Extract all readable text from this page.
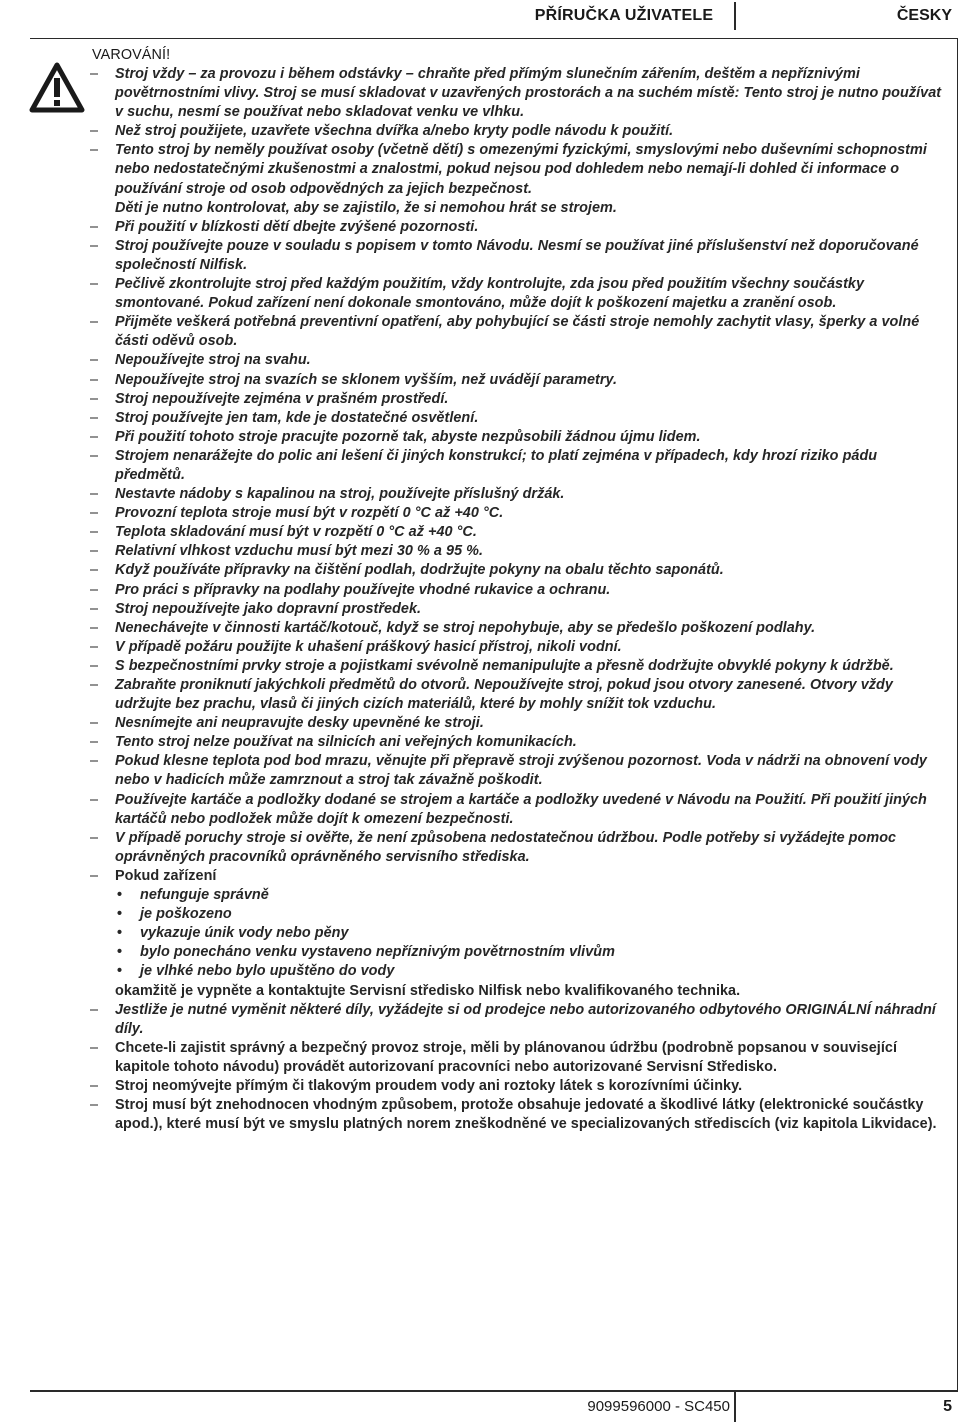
PŘÍRUČKA UŽIVATELE	ČESKY
VAROVÁNÍ!
– Stroj vždy – za provozu i během odstávky – chraňte před přímým slunečním zářením, deštěm a nepříznivými povětrnostními vlivy. Stroj se musí skladovat v uzavřených prostorách a na suchém místě: Tento stroj je nutno používat v suchu, nesmí se používat nebo skladovat venku ve vlhku.
– Než stroj použijete, uzavřete všechna dvířka a/nebo kryty podle návodu k použití.
– Tento stroj by neměly používat osoby (včetně dětí) s omezenými fyzickými, smyslovými nebo duševními schopnostmi nebo nedostatečnými zkušenostmi a znalostmi, pokud nejsou pod dohledem nebo nemají-li dohled či informace o používání stroje od osob odpovědných za jejich bezpečnost.
Děti je nutno kontrolovat, aby se zajistilo, že si nemohou hrát se strojem.
– Při použití v blízkosti dětí dbejte zvýšené pozornosti.
– Stroj používejte pouze v souladu s popisem v tomto Návodu. Nesmí se používat jiné příslušenství než doporučované společností Nilfisk.
– Pečlivě zkontrolujte stroj před každým použitím, vždy kontrolujte, zda jsou před použitím všechny součástky smontované. Pokud zařízení není dokonale smontováno, může dojít k poškození majetku a zranění osob.
– Přijměte veškerá potřebná preventivní opatření, aby pohybující se části stroje nemohly zachytit vlasy, šperky a volné části oděvů osob.
– Nepoužívejte stroj na svahu.
– Nepoužívejte stroj na svazích se sklonem vyšším, než uvádějí parametry.
– Stroj nepoužívejte zejména v prašném prostředí.
– Stroj používejte jen tam, kde je dostatečné osvětlení.
– Při použití tohoto stroje pracujte pozorně tak, abyste nezpůsobili žádnou újmu lidem.
– Strojem nenarážejte do polic ani lešení či jiných konstrukcí; to platí zejména v případech, kdy hrozí riziko pádu předmětů.
– Nestavte nádoby s kapalinou na stroj, používejte příslušný držák.
– Provozní teplota stroje musí být v rozpětí 0 °C až +40 °C.
– Teplota skladování musí být v rozpětí 0 °C až +40 °C.
– Relativní vlhkost vzduchu musí být mezi 30 % a 95 %.
– Když používáte přípravky na čištění podlah, dodržujte pokyny na obalu těchto saponátů.
– Pro práci s přípravky na podlahy používejte vhodné rukavice a ochranu.
– Stroj nepoužívejte jako dopravní prostředek.
– Nenechávejte v činnosti kartáč/kotouč, když se stroj nepohybuje, aby se předešlo poškození podlahy.
– V případě požáru použijte k uhašení práškový hasicí přístroj, nikoli vodní.
– S bezpečnostními prvky stroje a pojistkami svévolně nemanipulujte a přesně dodržujte obvyklé pokyny k údržbě.
– Zabraňte proniknutí jakýchkoli předmětů do otvorů. Nepoužívejte stroj, pokud jsou otvory zanesené. Otvory vždy udržujte bez prachu, vlasů či jiných cizích materiálů, které by mohly snížit tok vzduchu.
– Nesnímejte ani neupravujte desky upevněné ke stroji.
– Tento stroj nelze používat na silnicích ani veřejných komunikacích.
– Pokud klesne teplota pod bod mrazu, věnujte při přepravě stroji zvýšenou pozornost. Voda v nádrži na obnovení vody nebo v hadicích může zamrznout a stroj tak závažně poškodit.
– Používejte kartáče a podložky dodané se strojem a kartáče a podložky uvedené v Návodu na Použití. Při použití jiných kartáčů nebo podložek může dojít k omezení bezpečnosti.
– V případě poruchy stroje si ověřte, že není způsobena nedostatečnou údržbou. Podle potřeby si vyžádejte pomoc oprávněných pracovníků oprávněného servisního střediska.
– Pokud zařízení
• nefunguje správně
• je poškozeno
• vykazuje únik vody nebo pěny
• bylo ponecháno venku vystaveno nepříznivým povětrnostním vlivům
• je vlhké nebo bylo upuštěno do vody
okamžitě je vypněte a kontaktujte Servisní středisko Nilfisk nebo kvalifikovaného technika.
– Jestliže je nutné vyměnit některé díly, vyžádejte si od prodejce nebo autorizovaného odbytového ORIGINÁLNÍ náhradní díly.
– Chcete-li zajistit správný a bezpečný provoz stroje, měli by plánovanou údržbu (podrobně popsanou v související kapitole tohoto návodu) provádět autorizovaní pracovníci nebo autorizované Servisní Středisko.
– Stroj neomývejte přímým či tlakovým proudem vody ani roztoky látek s korozívními účinky.
– Stroj musí být znehodnocen vhodným způsobem, protože obsahuje jedovaté a škodlivé látky (elektronické součástky apod.), které musí být ve smyslu platných norem zneškodněné ve specializovaných střediscích (viz kapitola Likvidace).
9099596000 - SC450	5
